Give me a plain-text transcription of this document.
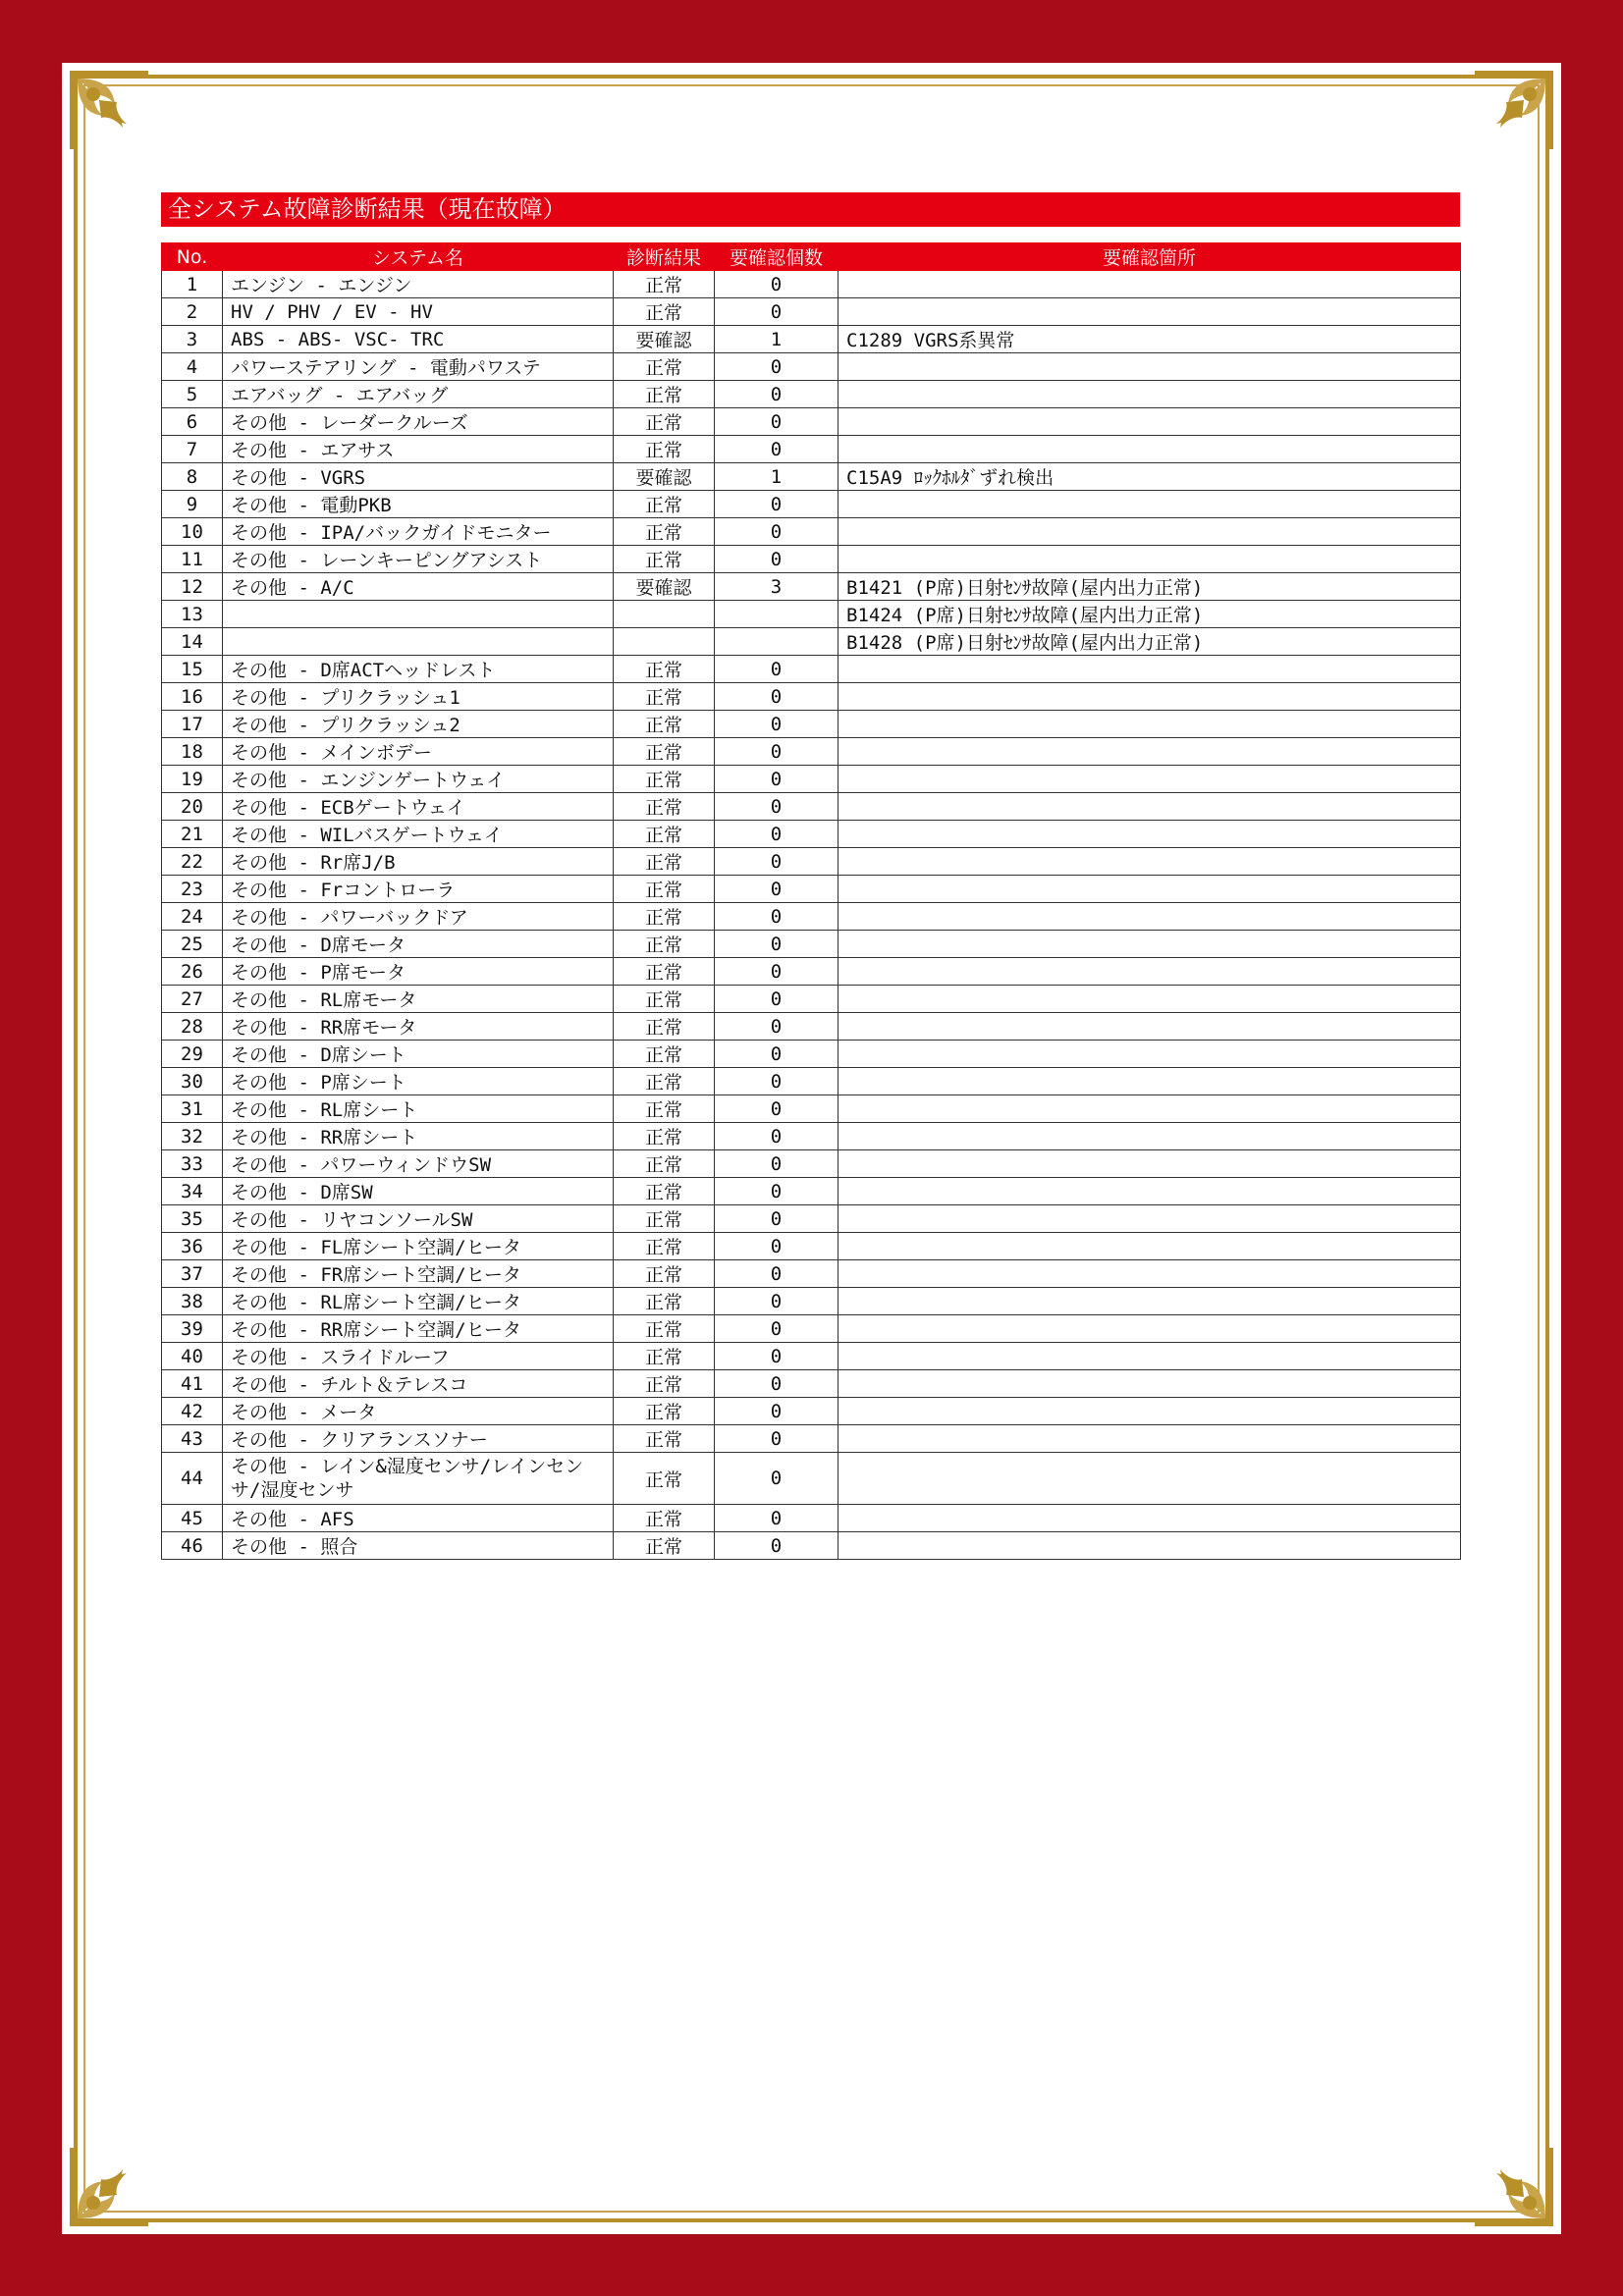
全システム故障診断結果（現在故障）
No.	システム名	診断結果	要確認個数	要確認箇所
1	エンジン - エンジン	正常	0	
2	HV / PHV / EV - HV	正常	0	
3	ABS - ABS- VSC- TRC	要確認	1	C1289 VGRS系異常
4	パワーステアリング - 電動パワステ	正常	0	
5	エアバッグ - エアバッグ	正常	0	
6	その他 - レーダークルーズ	正常	0	
7	その他 - エアサス	正常	0	
8	その他 - VGRS	要確認	1	C15A9 ﾛｯｸﾎﾙﾀﾞずれ検出
9	その他 - 電動PKB	正常	0	
10	その他 - IPA/バックガイドモニター	正常	0	
11	その他 - レーンキーピングアシスト	正常	0	
12	その他 - A/C	要確認	3	B1421 (P席)日射ｾﾝｻ故障(屋内出力正常)
13				B1424 (P席)日射ｾﾝｻ故障(屋内出力正常)
14				B1428 (P席)日射ｾﾝｻ故障(屋内出力正常)
15	その他 - D席ACTヘッドレスト	正常	0	
16	その他 - プリクラッシュ1	正常	0	
17	その他 - プリクラッシュ2	正常	0	
18	その他 - メインボデー	正常	0	
19	その他 - エンジンゲートウェイ	正常	0	
20	その他 - ECBゲートウェイ	正常	0	
21	その他 - WILバスゲートウェイ	正常	0	
22	その他 - Rr席J/B	正常	0	
23	その他 - Frコントローラ	正常	0	
24	その他 - パワーバックドア	正常	0	
25	その他 - D席モータ	正常	0	
26	その他 - P席モータ	正常	0	
27	その他 - RL席モータ	正常	0	
28	その他 - RR席モータ	正常	0	
29	その他 - D席シート	正常	0	
30	その他 - P席シート	正常	0	
31	その他 - RL席シート	正常	0	
32	その他 - RR席シート	正常	0	
33	その他 - パワーウィンドウSW	正常	0	
34	その他 - D席SW	正常	0	
35	その他 - リヤコンソールSW	正常	0	
36	その他 - FL席シート空調/ヒータ	正常	0	
37	その他 - FR席シート空調/ヒータ	正常	0	
38	その他 - RL席シート空調/ヒータ	正常	0	
39	その他 - RR席シート空調/ヒータ	正常	0	
40	その他 - スライドルーフ	正常	0	
41	その他 - チルト＆テレスコ	正常	0	
42	その他 - メータ	正常	0	
43	その他 - クリアランスソナー	正常	0	
44	その他 - レイン&湿度センサ/レインセンサ/湿度センサ	正常	0	
45	その他 - AFS	正常	0	
46	その他 - 照合	正常	0	
